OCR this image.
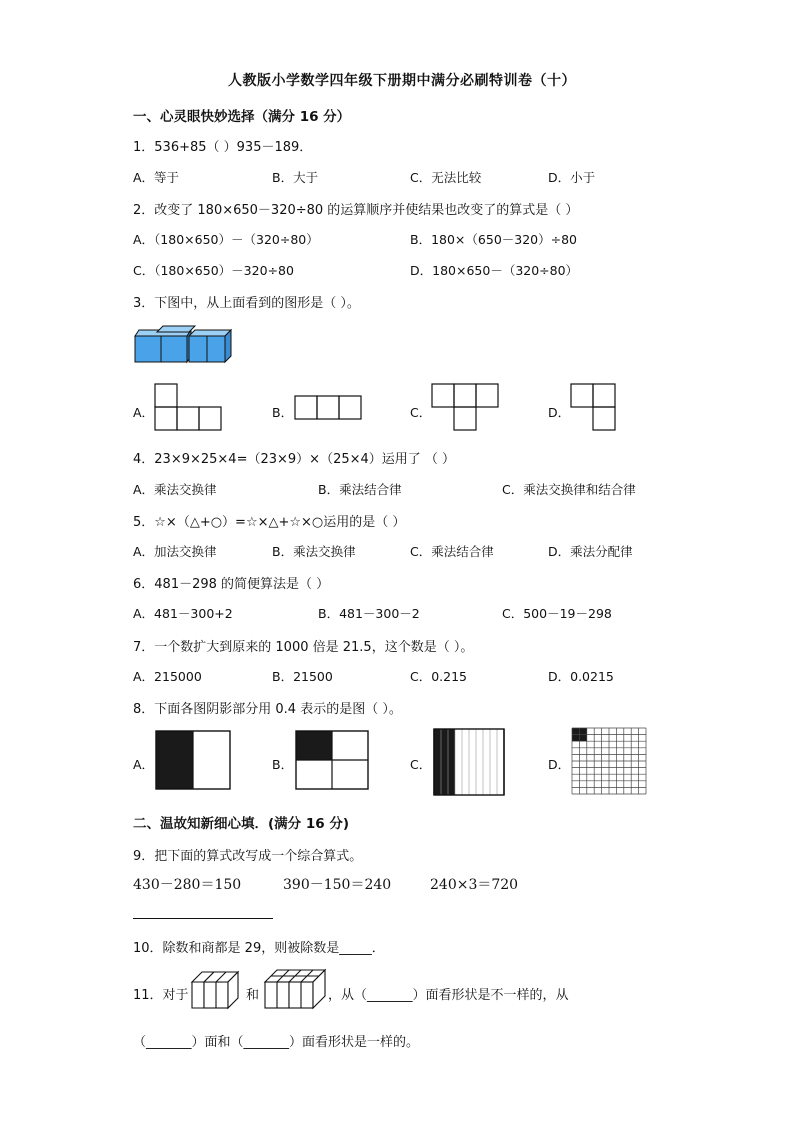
人教版小学数学四年级下册期中满分必刷特训卷（十）
一、心灵眼快妙选择（满分 16 分）
1．536+85（ ）935－189．
A．等于	B．大于	C．无法比较	D．小于
2．改变了 180×650－320÷80 的运算顺序并使结果也改变了的算式是（ ）
A．（180×650）－（320÷80）	B．180×（650－320）÷80
C．（180×650）－320÷80	D．180×650－（320÷80）
3．下图中，从上面看到的图形是（ ）。
A．	B．	C．	D．
4．23×9×25×4=（23×9）×（25×4）运用了 （ ）
A．乘法交换律	B．乘法结合律	C．乘法交换律和结合律
5．☆×（△+○）=☆×△+☆×○运用的是（ ）
A．加法交换律	B．乘法交换律	C．乘法结合律	D．乘法分配律
6．481－298 的简便算法是（ ）
A．481－300+2	B．481－300－2	C．500－19－298
7．一个数扩大到原来的 1000 倍是 21.5，这个数是（ ）。
A．215000	B．21500	C．0.215	D．0.0215
8．下面各图阴影部分用 0.4 表示的是图（ ）。
A．	B．	C．	D．
二、温故知新细心填．(满分 16 分)
9．把下面的算式改写成一个综合算式。
430－280＝150	390－150＝240	240×3＝720
10．除数和商都是 29，则被除数是_____．
11．对于	和	，从（_______）面看形状是不一样的，从
（_______）面和（_______）面看形状是一样的。
